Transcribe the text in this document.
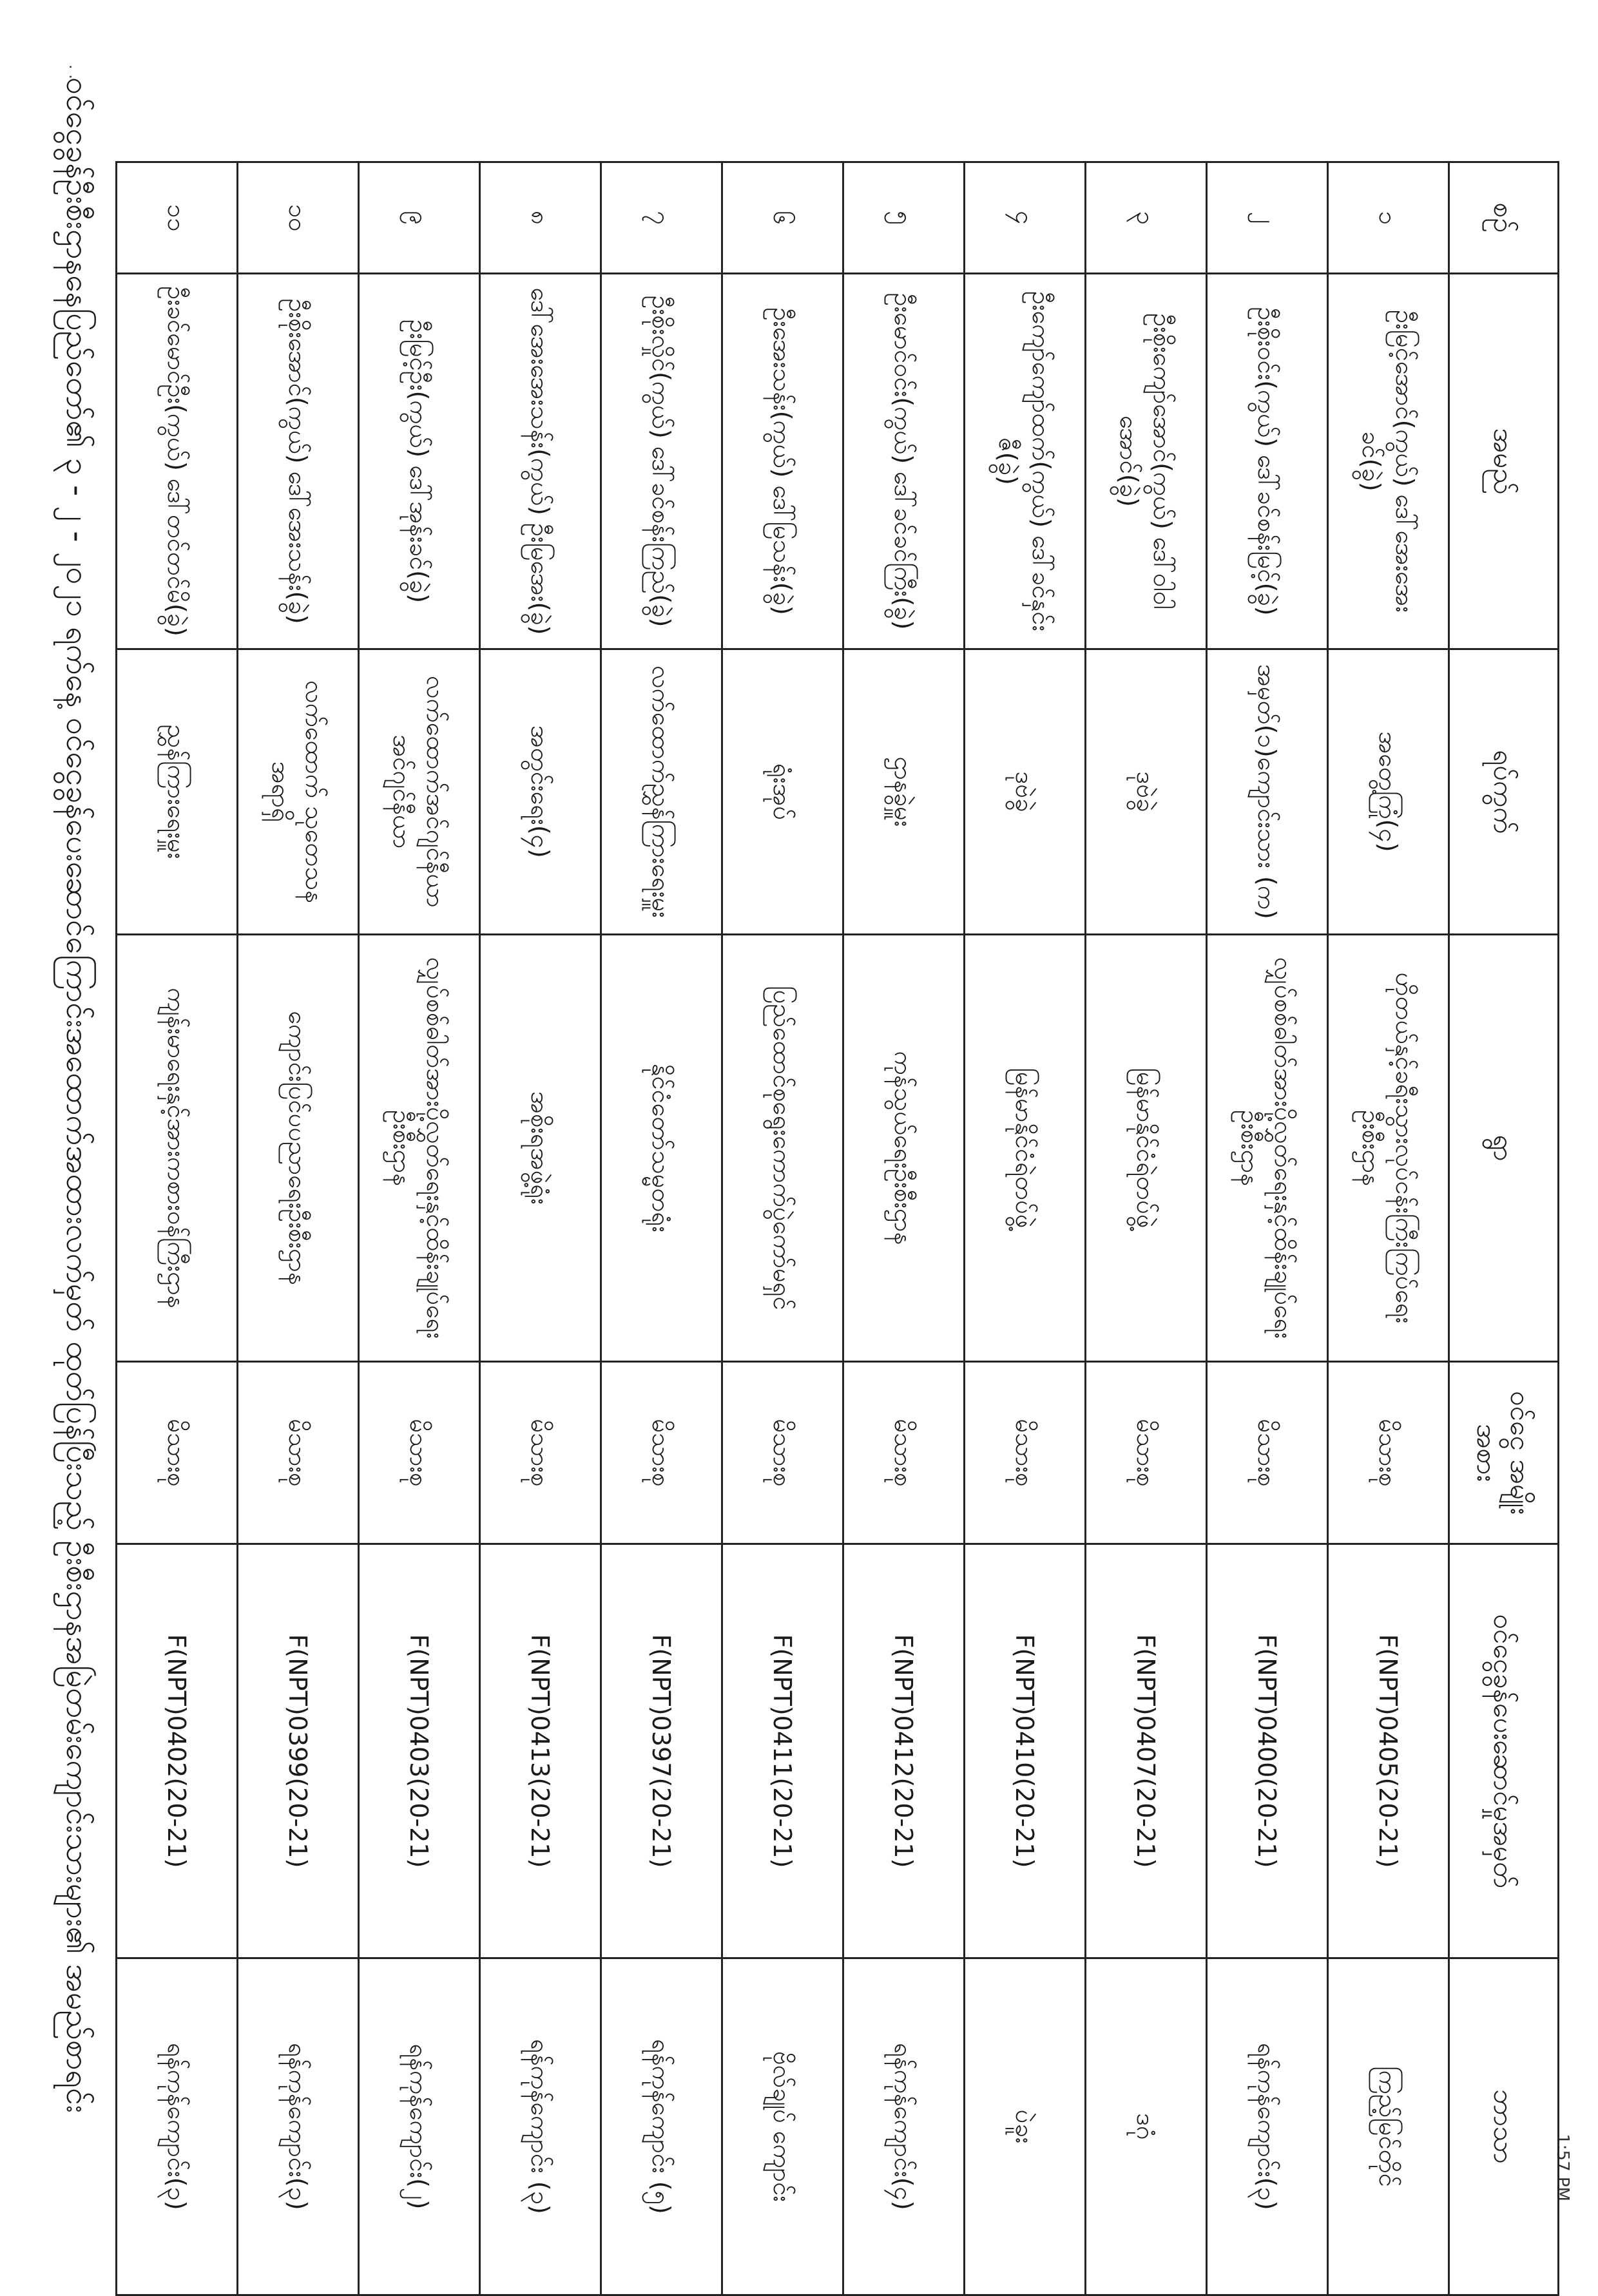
1:57 PM
. .
စဉ်	အမည်	ရပ်ကွက်	ရွာ	ဝင်ငွေ အမျိုးအစား	ဝင်ငွေခွန်ပေးဆောင်မှုအမှတ်	ဘာသာ
၁	ဦးမြင့်အောင်(ကွယ်) ဒေါ်အေးအေးခင်(ခွဲ)	အတွေ့ကြုံ(၄)	ဟိုတယ်နှင့်ခရီးသွားလုပ်ငန်းကြီးကြပ်ရေးဦးစီးဌာန	မိသားစု	F(NPT)0405(20-21)	ကြည့်မြင်တိုင်
၂	ဦးစိုးဝင်း(ကွယ်) ဒေါ်ခင်စန်းမြင့်(ခွဲ)	အမှတ်(၁)ကျောင်းသား (က)	လျှပ်စစ်ဓါတ်အားပို့လွှတ်ရေးနှင့်ထိန်းချုပ်ရေး ဦးစီးဌာန	မိသားစု	F(NPT)0400(20-21)	ရန်ကုန်ကျောင်း(၃)
၃	ဦးစိုးကျော်အောင်(ကွယ်) ဒေါ်ဝါဝါအောင်(ခွဲ)	ဒုဗဲခွဲ	မြန်မာနိုင်ငံရဲတပ်ဖွဲ့	မိသားစု	F(NPT)0407(20-21)	ဒဂုံ
၄	ဦးကျော်ကျော်ထက်(ကွယ်) ဒေါ်ခင်နှင်းဇီ(ခွဲ)	ဒုဗဲခွဲ	မြန်မာနိုင်ငံရဲတပ်ဖွဲ့	မိသားစု	F(NPT)0410(20-21)	ပဲခူး
၅	ဦးမောင်ဝင်း(ကွယ်) ဒေါ်ခင်ခင်ကြီး(ခွဲ)	ဌာနခွဲမှူး	ကုန်သွယ်ရေးဦးစီးဌာန	မိသားစု	F(NPT)0412(20-21)	ရန်ကုန်ကျောင်း(၄)
၆	ဦးအေးသန်း(ကွယ်) ဒေါ်မြသန်း(ခွဲ)	ရုံးအုပ်	ပြည်ထောင်စုရွေးကောက်ပွဲကော်မရှင်	မိသားစု	F(NPT)0411(20-21)	ဗိုလ်ချုပ် ကျောင်း
၇	ဦးစိုးလှိုင်(ကွယ်) ဒေါ်ခင်စန်းကြည်(ခွဲ)	လက်ထောက်ညွှန်ကြားရေးမှူး	နိုင်ငံတော်သမ္မတရုံး	မိသားစု	F(NPT)0397(20-21)	ရန်ကုန်ကျောင်း (၅)
၈	ဒေါ်အေးအေးသန်း(ကွယ်) ဦးမြအေး(ခွဲ)	အတွင်းရေး(၄)	အစိုးရအဖွဲ့ရုံး	မိသားစု	F(NPT)0413(20-21)	ရန်ကုန်ကျောင်း (၃)
၉	ဦးမြင့်ဦး(ကွယ်) ဒေါ်အုန်းခင်(ခွဲ)	လက်ထောက်အင်ဂျင်နီယာ အင်ဂျင်နီယာ	လျှပ်စစ်ဓါတ်အားပို့လွှတ်ရေးနှင့်ထိန်းချုပ်ရေး ဦးစီးဌာန	မိသားစု	F(NPT)0403(20-21)	ရန်ကုန်ကျောင်း(၂)
၁၀	ဦးစိုးအောင်(ကွယ်) ဒေါ်အေးသန်း(ခွဲ)	လက်ထောက် သုတေသနအရာရှိ	ကျောင်းပြင်ပပညာရေးဦးစီးဌာန	မိသားစု	F(NPT)0399(20-21)	ရန်ကုန်ကျောင်း(၃)
၁၁	ဦးခင်မောင်ဦး(ကွယ်) ဒေါ်တင်တင်မိ(ခွဲ)	ညွှန်ကြားရေးမှူး	ကျန်းမာရေးနှင့်အားကစားဝန်ကြီးဌာန	မိသားစု	F(NPT)0402(20-21)	ရန်ကုန်ကျောင်း(၃)
ဝင်ငွေခွန်ဦးစီးဌာနနေပြည်တော်၏ ၃ - ၂ - ၂၀၂၁ ရက်နေ့ ဝင်ငွေခွန်ပေးဆောင်ကြောင်းအထောက်အထားလက်မှတ် ထုတ်ပြန်ပြီးသည့် ဦးစီးဌာနအမြဲတမ်းကျောင်းသားများ၏ အမည်စာရင်း
